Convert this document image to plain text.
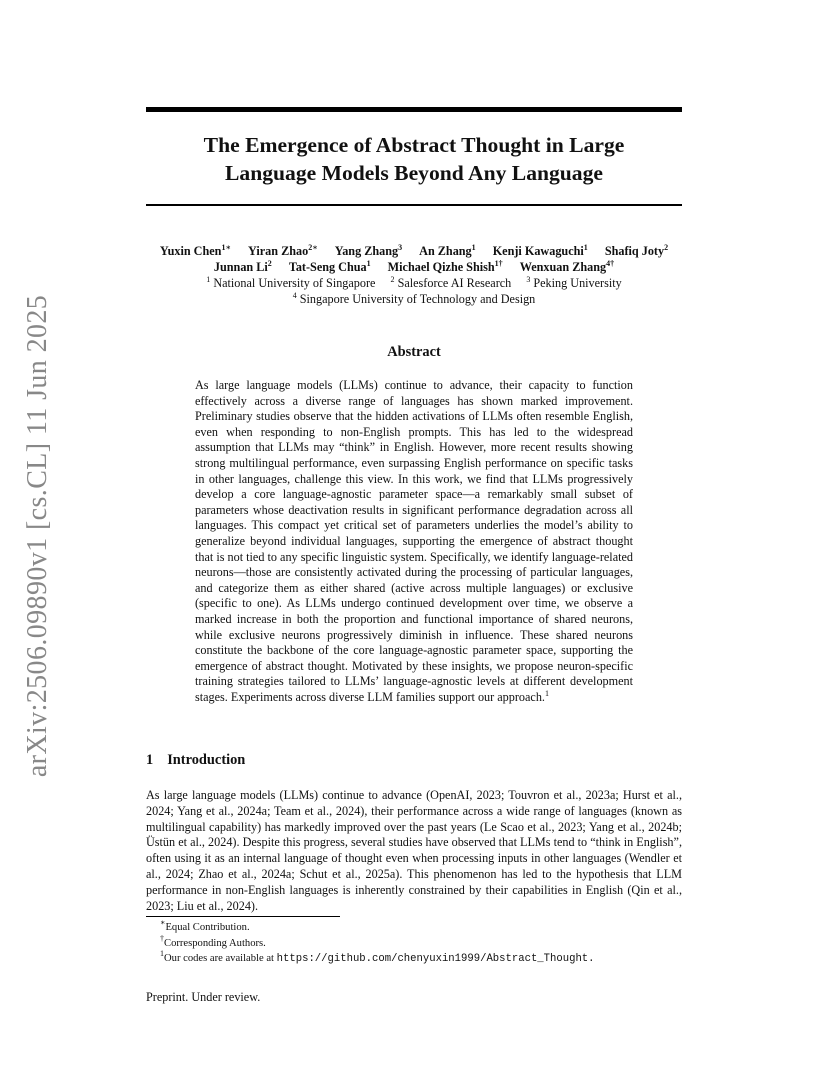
arXiv:2506.09890v1 [cs.CL] 11 Jun 2025
The Emergence of Abstract Thought in Large
Language Models Beyond Any Language
Yuxin Chen$^{1∗}$ Yiran Zhao$^{2∗}$ Yang Zhang$^3$ An Zhang$^1$ Kenji Kawaguchi$^1$ Shafiq Joty$^2$
Junnan Li$^2$ Tat-Seng Chua$^1$ Michael Qizhe Shish$^{1\dagger}$ Wenxuan Zhang$^{4\dagger}$
$^1$ National University of Singapore $^2$ Salesforce AI Research $^3$ Peking University
$^4$ Singapore University of Technology and Design
Abstract
As large language models (LLMs) continue to advance, their capacity to function effectively across a diverse range of languages has shown marked improvement. Preliminary studies observe that the hidden activations of LLMs often resemble English, even when responding to non-English prompts. This has led to the widespread assumption that LLMs may “think” in English. However, more recent results showing strong multilingual performance, even surpassing English performance on specific tasks in other languages, challenge this view. In this work, we find that LLMs progressively develop a core language-agnostic parameter space—a remarkably small subset of parameters whose deactivation results in significant performance degradation across all languages. This compact yet critical set of parameters underlies the model’s ability to generalize beyond individual languages, supporting the emergence of abstract thought that is not tied to any specific linguistic system. Specifically, we identify language-related neurons—those are consistently activated during the processing of particular languages, and categorize them as either shared (active across multiple languages) or exclusive (specific to one). As LLMs undergo continued development over time, we observe a marked increase in both the proportion and functional importance of shared neurons, while exclusive neurons progressively diminish in influence. These shared neurons constitute the backbone of the core language-agnostic parameter space, supporting the emergence of abstract thought. Motivated by these insights, we propose neuron-specific training strategies tailored to LLMs’ language-agnostic levels at different development stages. Experiments across diverse LLM families support our approach.$^1$
1 Introduction
As large language models (LLMs) continue to advance (OpenAI, 2023; Touvron et al., 2023a; Hurst et al., 2024; Yang et al., 2024a; Team et al., 2024), their performance across a wide range of languages (known as multilingual capability) has markedly improved over the past years (Le Scao et al., 2023; Yang et al., 2024b; Üstün et al., 2024). Despite this progress, several studies have observed that LLMs tend to “think in English”, often using it as an internal language of thought even when processing inputs in other languages (Wendler et al., 2024; Zhao et al., 2024a; Schut et al., 2025a). This phenomenon has led to the hypothesis that LLM performance in non-English languages is inherently constrained by their capabilities in English (Qin et al., 2023; Liu et al., 2024).
∗Equal Contribution.
†Corresponding Authors.
$^1$Our codes are available at https://github.com/chenyuxin1999/Abstract_Thought.
Preprint. Under review.
